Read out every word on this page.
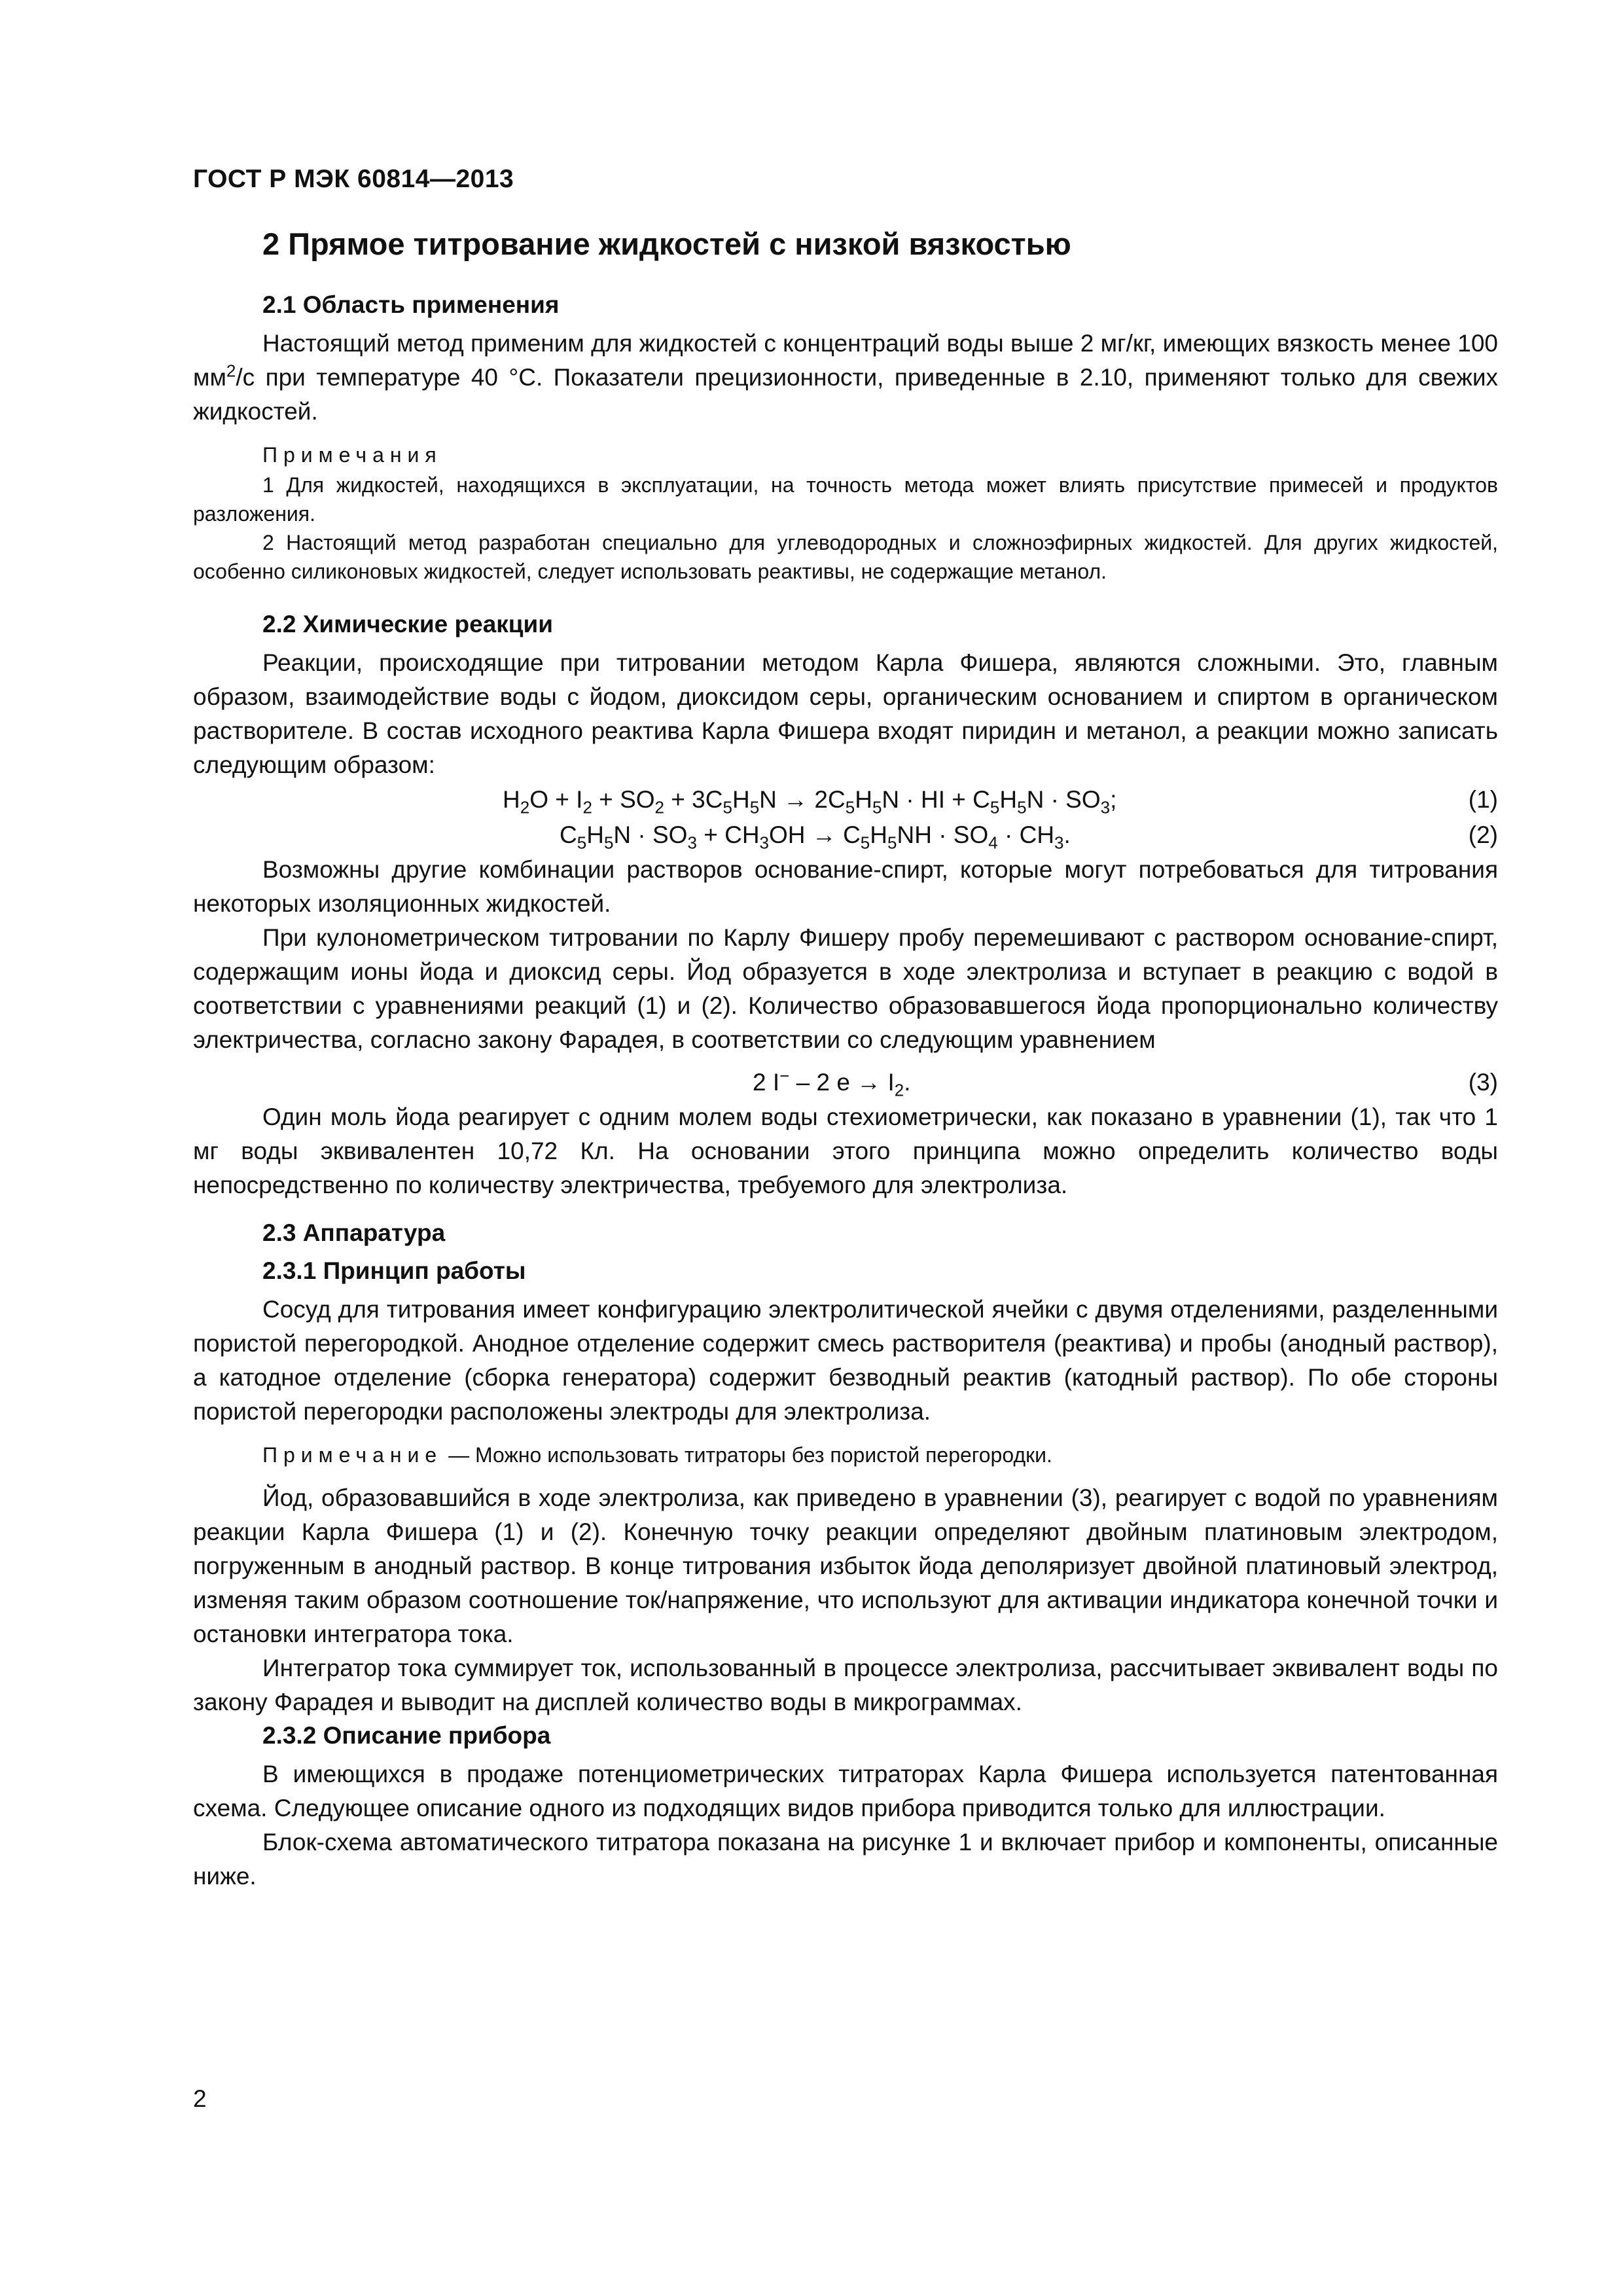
ГОСТ Р МЭК 60814—2013
2 Прямое титрование жидкостей с низкой вязкостью
2.1 Область применения

Настоящий метод применим для жидкостей с концентраций воды выше 2 мг/кг, имеющих вязкость менее 100 $мм^2/с$ при температуре 40 °С. Показатели прецизионности, приведенные в 2.10, применяют только для свежих жидкостей.

Примечания

1 Для жидкостей, находящихся в эксплуатации, на точность метода может влиять присутствие примесей и продуктов разложения.

2 Настоящий метод разработан специально для углеводородных и сложноэфирных жидкостей. Для других жидкостей, особенно силиконовых жидкостей, следует использовать реактивы, не содержащие метанол.

2.2 Химические реакции

Реакции, происходящие при титровании методом Карла Фишера, являются сложными. Это, главным образом, взаимодействие воды с йодом, диоксидом серы, органическим основанием и спиртом в органическом растворителе. В состав исходного реактива Карла Фишера входят пиридин и метанол, а реакции можно записать следующим образом:

$H_2O + I_2 + SO_2 + 3C_5H_5N \to 2C_5H_5N$ · HI + $C_5H_5N \cdot SO_3$;	(1)
$C_5H_5N \cdot SO_3 + CH_3OH \to C_5H_5NH \cdot SO_4 \cdot CH_3$.	(2)

Возможны другие комбинации растворов основание-спирт, которые могут потребоваться для титрования некоторых изоляционных жидкостей.

При кулонометрическом титровании по Карлу Фишеру пробу перемешивают с раствором основание-спирт, содержащим ионы йода и диоксид серы. Йод образуется в ходе электролиза и вступает в реакцию с водой в соответствии с уравнениями реакций (1) и (2). Количество образовавшегося йода пропорционально количеству электричества, согласно закону Фарадея, в соответствии со следующим уравнением

2 I− – 2 $e \to I_2$.	(3)

Один моль йода реагирует с одним молем воды стехиометрически, как показано в уравнении (1), так что 1 мг воды эквивалентен 10,72 Кл. На основании этого принципа можно определить количество воды непосредственно по количеству электричества, требуемого для электролиза.

2.3 Аппаратура
2.3.1 Принцип работы

Сосуд для титрования имеет конфигурацию электролитической ячейки с двумя отделениями, разделенными пористой перегородкой. Анодное отделение содержит смесь растворителя (реактива) и пробы (анодный раствор), а катодное отделение (сборка генератора) содержит безводный реактив (катодный раствор). По обе стороны пористой перегородки расположены электроды для электролиза.

Примечание — Можно использовать титраторы без пористой перегородки.

Йод, образовавшийся в ходе электролиза, как приведено в уравнении (3), реагирует с водой по уравнениям реакции Карла Фишера (1) и (2). Конечную точку реакции определяют двойным платиновым электродом, погруженным в анодный раствор. В конце титрования избыток йода деполяризует двойной платиновый электрод, изменяя таким образом соотношение ток/напряжение, что используют для активации индикатора конечной точки и остановки интегратора тока.

Интегратор тока суммирует ток, использованный в процессе электролиза, рассчитывает эквивалент воды по закону Фарадея и выводит на дисплей количество воды в микрограммах.

2.3.2 Описание прибора

В имеющихся в продаже потенциометрических титраторах Карла Фишера используется патентованная схема. Следующее описание одного из подходящих видов прибора приводится только для иллюстрации.

Блок-схема автоматического титратора показана на рисунке 1 и включает прибор и компоненты, описанные ниже.

2
